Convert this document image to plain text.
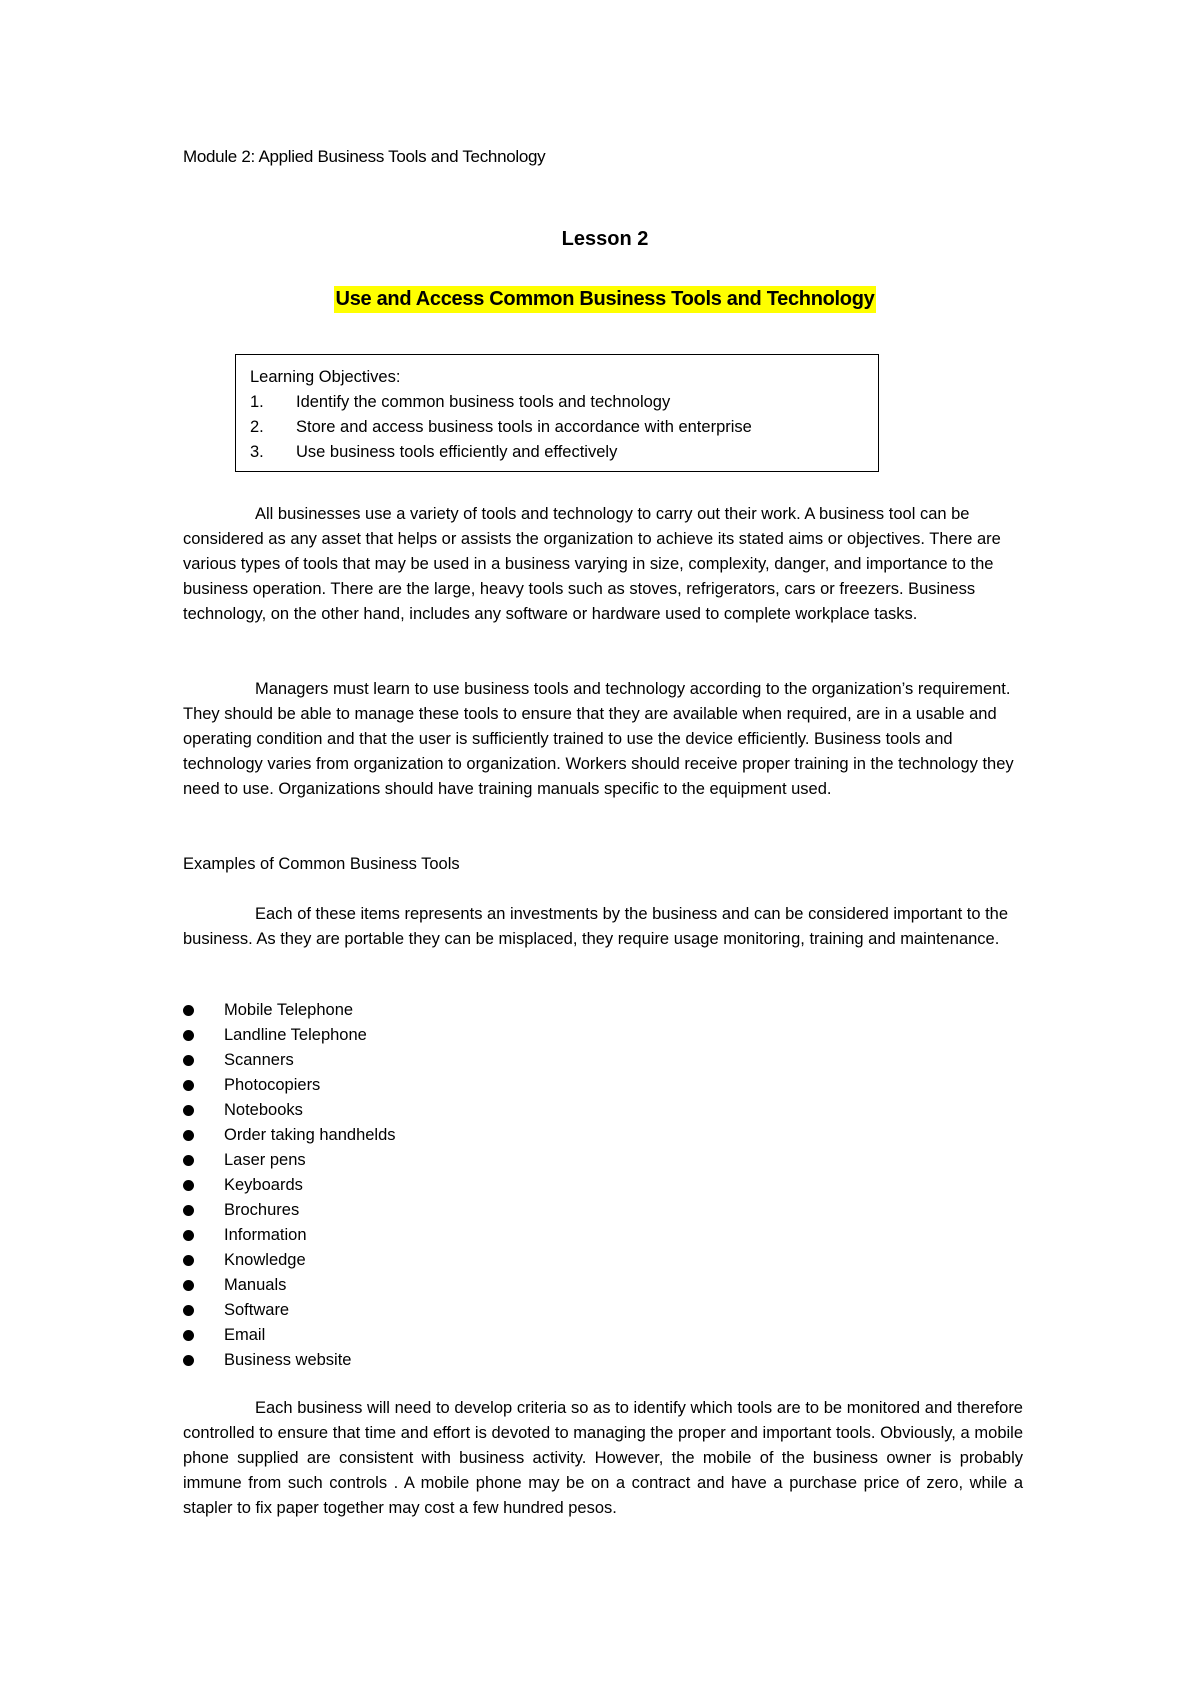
Module 2: Applied Business Tools and Technology
Lesson 2
Use and Access Common Business Tools and Technology
Learning Objectives:
1.	Identify the common business tools and technology
2.	Store and access business tools in accordance with enterprise
3.	Use business tools efficiently and effectively

All businesses use a variety of tools and technology to carry out their work. A business tool can be considered as any asset that helps or assists the organization to achieve its stated aims or objectives. There are various types of tools that may be used in a business varying in size, complexity, danger, and importance to the business operation. There are the large, heavy tools such as stoves, refrigerators, cars or freezers. Business technology, on the other hand, includes any software or hardware used to complete workplace tasks.

Managers must learn to use business tools and technology according to the organization’s requirement. They should be able to manage these tools to ensure that they are available when required, are in a usable and operating condition and that the user is sufficiently trained to use the device efficiently. Business tools and technology varies from organization to organization. Workers should receive proper training in the technology they need to use. Organizations should have training manuals specific to the equipment used.

Examples of Common Business Tools

Each of these items represents an investments by the business and can be considered important to the business. As they are portable they can be misplaced, they require usage monitoring, training and maintenance.

Mobile Telephone
Landline Telephone
Scanners
Photocopiers
Notebooks
Order taking handhelds
Laser pens
Keyboards
Brochures
Information
Knowledge
Manuals
Software
Email
Business website

Each business will need to develop criteria so as to identify which tools are to be monitored and therefore controlled to ensure that time and effort is devoted to managing the proper and important tools. Obviously, a mobile phone supplied are consistent with business activity. However, the mobile of the business owner is probably immune from such controls . A mobile phone may be on a contract and have a purchase price of zero, while a stapler to fix paper together may cost a few hundred pesos.
